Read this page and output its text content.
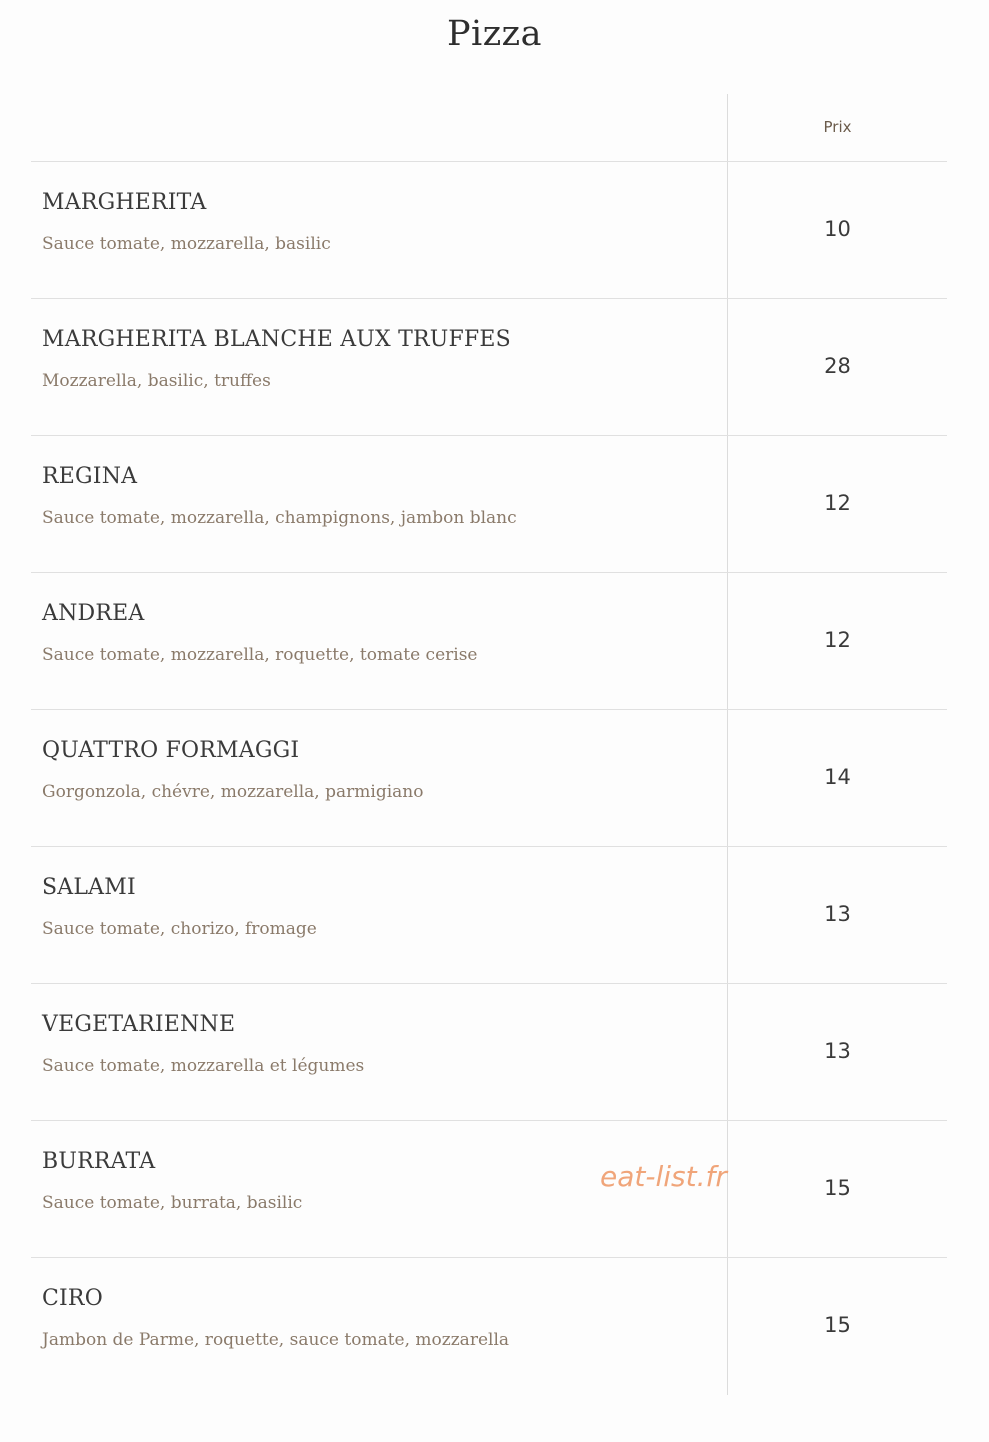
Pizza
Prix
MARGHERITA
Sauce tomate, mozzarella, basilic
10
MARGHERITA BLANCHE AUX TRUFFES
Mozzarella, basilic, truffes
28
REGINA
Sauce tomate, mozzarella, champignons, jambon blanc
12
ANDREA
Sauce tomate, mozzarella, roquette, tomate cerise
12
QUATTRO FORMAGGI
Gorgonzola, chévre, mozzarella, parmigiano
14
SALAMI
Sauce tomate, chorizo, fromage
13
VEGETARIENNE
Sauce tomate, mozzarella et légumes
13
BURRATA
Sauce tomate, burrata, basilic
15
CIRO
Jambon de Parme, roquette, sauce tomate, mozzarella
15
eat-list.fr
